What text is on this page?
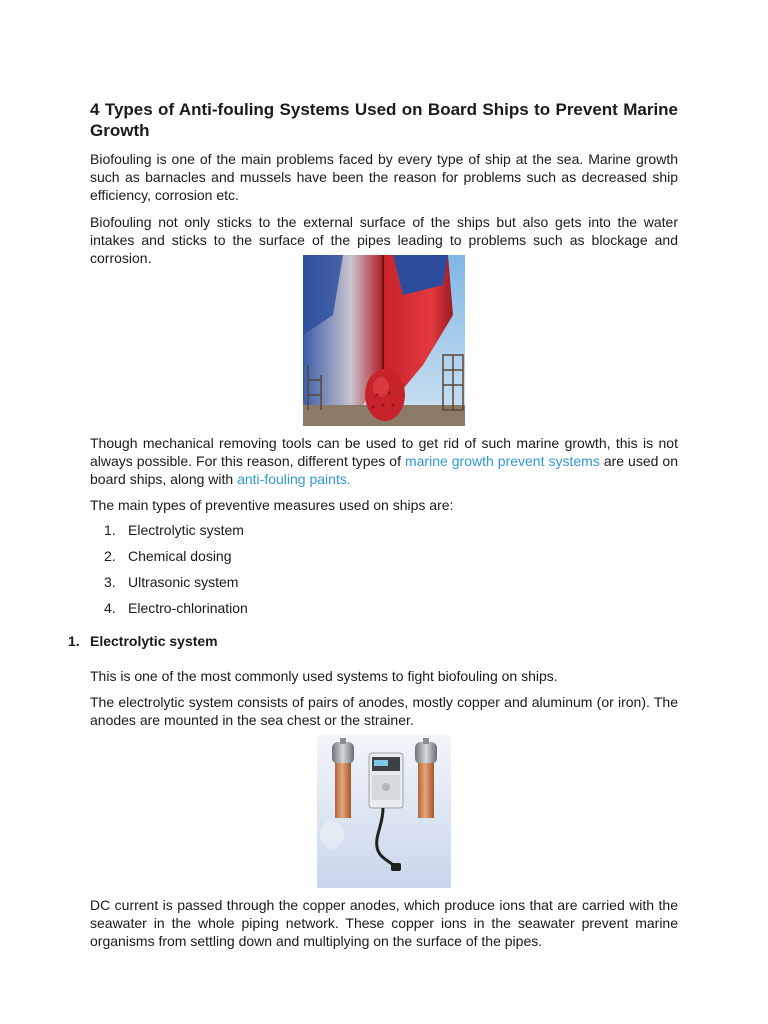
4 Types of Anti-fouling Systems Used on Board Ships to Prevent Marine Growth

Biofouling is one of the main problems faced by every type of ship at the sea. Marine growth such as barnacles and mussels have been the reason for problems such as decreased ship efficiency, corrosion etc.

Biofouling not only sticks to the external surface of the ships but also gets into the water intakes and sticks to the surface of the pipes leading to problems such as blockage and corrosion.

Though mechanical removing tools can be used to get rid of such marine growth, this is not always possible. For this reason, different types of marine growth prevent systems are used on board ships, along with anti-fouling paints.

The main types of preventive measures used on ships are:

1. Electrolytic system
2. Chemical dosing
3. Ultrasonic system
4. Electro-chlorination
1. Electrolytic system

This is one of the most commonly used systems to fight biofouling on ships.

The electrolytic system consists of pairs of anodes, mostly copper and aluminum (or iron). The anodes are mounted in the sea chest or the strainer.

DC current is passed through the copper anodes, which produce ions that are carried with the seawater in the whole piping network. These copper ions in the seawater prevent marine organisms from settling down and multiplying on the surface of the pipes.
